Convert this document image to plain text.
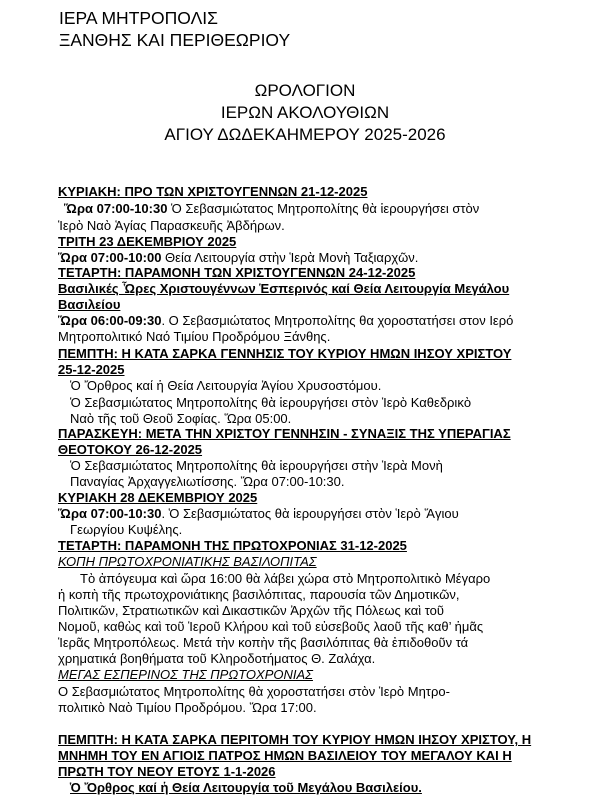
ΙΕΡΑ ΜΗΤΡΟΠΟΛΙΣ
ΞΑΝΘΗΣ ΚΑΙ ΠΕΡΙΘΕΩΡΙΟΥ
ΩΡΟΛΟΓΙΟΝ
ΙΕΡΩΝ ΑΚΟΛΟΥΘΙΩΝ
ΑΓΙΟΥ ΔΩΔΕΚΑΗΜΕΡΟΥ 2025-2026
ΚΥΡΙΑΚΗ: ΠΡΟ ΤΩΝ ΧΡΙΣΤΟΥΓΕΝΝΩΝ 21-12-2025
Ὥρα 07:00-10:30 Ὁ Σεβασμιώτατος Μητροπολίτης θὰ ἱερουργήσει στὸν
Ἱερὸ Ναὸ Ἁγίας Παρασκευῆς Ἀβδήρων.
ΤΡΙΤΗ 23 ΔΕΚΕΜΒΡΙΟΥ 2025
Ὥρα 07:00-10:00 Θεία Λειτουργία στὴν Ἱερὰ Μονὴ Ταξιαρχῶν.
ΤΕΤΑΡΤΗ: ΠΑΡΑΜΟΝΗ ΤΩΝ ΧΡΙΣΤΟΥΓΕΝΝΩΝ 24-12-2025
Βασιλικές Ὧρες Χριστουγέννων Ἑσπερινός καί Θεία Λειτουργία Μεγάλου
Βασιλείου
Ὥρα 06:00-09:30. Ο Σεβασμιώτατος Μητροπολίτης θα χοροστατήσει στον Ιερό
Μητροπολιτικό Ναό Τιμίου Προδρόμου Ξάνθης.
ΠΕΜΠΤΗ: Η ΚΑΤΑ ΣΑΡΚΑ ΓΕΝΝΗΣΙΣ ΤΟΥ ΚΥΡΙΟΥ ΗΜΩΝ ΙΗΣΟΥ ΧΡΙΣΤΟΥ
25-12-2025
Ὁ Ὄρθρος καί ἡ Θεία Λειτουργία Ἁγίου Χρυσοστόμου.
Ὁ Σεβασμιώτατος Μητροπολίτης θὰ ἱερουργήσει στὸν Ἱερὸ Καθεδρικὸ
Ναὸ τῆς τοῦ Θεοῦ Σοφίας. Ὥρα 05:00.
ΠΑΡΑΣΚΕΥΗ: ΜΕΤΑ ΤΗΝ ΧΡΙΣΤΟΥ ΓΕΝΝΗΣΙΝ - ΣΥΝΑΞΙΣ ΤΗΣ ΥΠΕΡΑΓΙΑΣ
ΘΕΟΤΟΚΟΥ 26-12-2025
Ὁ Σεβασμιώτατος Μητροπολίτης θὰ ἱερουργήσει στὴν Ἱερὰ Μονὴ
Παναγίας Ἀρχαγγελιωτίσσης. Ὥρα 07:00-10:30.
ΚΥΡΙΑΚΗ 28 ΔΕΚΕΜΒΡΙΟΥ 2025
Ὥρα 07:00-10:30. Ὁ Σεβασμιώτατος θὰ ἱερουργήσει στὸν Ἱερὸ Ἅγιου
Γεωργίου Κυψέλης.
ΤΕΤΑΡΤΗ: ΠΑΡΑΜΟΝΗ ΤΗΣ ΠΡΩΤΟΧΡΟΝΙΑΣ 31-12-2025
ΚΟΠΗ ΠΡΩΤΟΧΡΟΝΙΑΤΙΚΗΣ ΒΑΣΙΛΟΠΙΤΑΣ
Τὸ ἀπόγευμα καὶ ὥρα 16:00 θὰ λάβει χώρα στὸ Μητροπολιτικὸ Μέγαρο
ἡ κοπὴ τῆς πρωτοχρονιάτικης βασιλόπιτας, παρουσία τῶν Δημοτικῶν,
Πολιτικῶν, Στρατιωτικῶν καὶ Δικαστικῶν Ἀρχῶν τῆς Πόλεως καὶ τοῦ
Νομοῦ, καθὼς καὶ τοῦ Ἱεροῦ Κλήρου καὶ τοῦ εὐσεβοῦς λαοῦ τῆς καθ’ ἡμᾶς
Ἱερᾶς Μητροπόλεως. Μετά τὴν κοπὴν τῆς βασιλόπιτας θὰ ἐπιδοθοῦν τά
χρηματικά βοηθήματα τοῦ Κληροδοτήματος Θ. Ζαλάχα.
ΜΕΓΑΣ ΕΣΠΕΡΙΝΟΣ ΤΗΣ ΠΡΩΤΟΧΡΟΝΙΑΣ
Ο Σεβασμιώτατος Μητροπολίτης θὰ χοροστατήσει στὸν Ἱερὸ Μητρο-
πολιτικὸ Ναὸ Τιμίου Προδρόμου. Ὥρα 17:00.
ΠΕΜΠΤΗ: Η ΚΑΤΑ ΣΑΡΚΑ ΠΕΡΙΤΟΜΗ ΤΟΥ ΚΥΡΙΟΥ ΗΜΩΝ ΙΗΣΟΥ ΧΡΙΣΤΟΥ, Η
ΜΝΗΜΗ ΤΟΥ ΕΝ ΑΓΙΟΙΣ ΠΑΤΡΟΣ ΗΜΩΝ ΒΑΣΙΛΕΙΟΥ ΤΟΥ ΜΕΓΑΛΟΥ ΚΑΙ Η
ΠΡΩΤΗ ΤΟΥ ΝΕΟΥ ΕΤΟΥΣ 1-1-2026
Ὁ Ὄρθρος καί ἡ Θεία Λειτουργία τοῦ Μεγάλου Βασιλείου.
